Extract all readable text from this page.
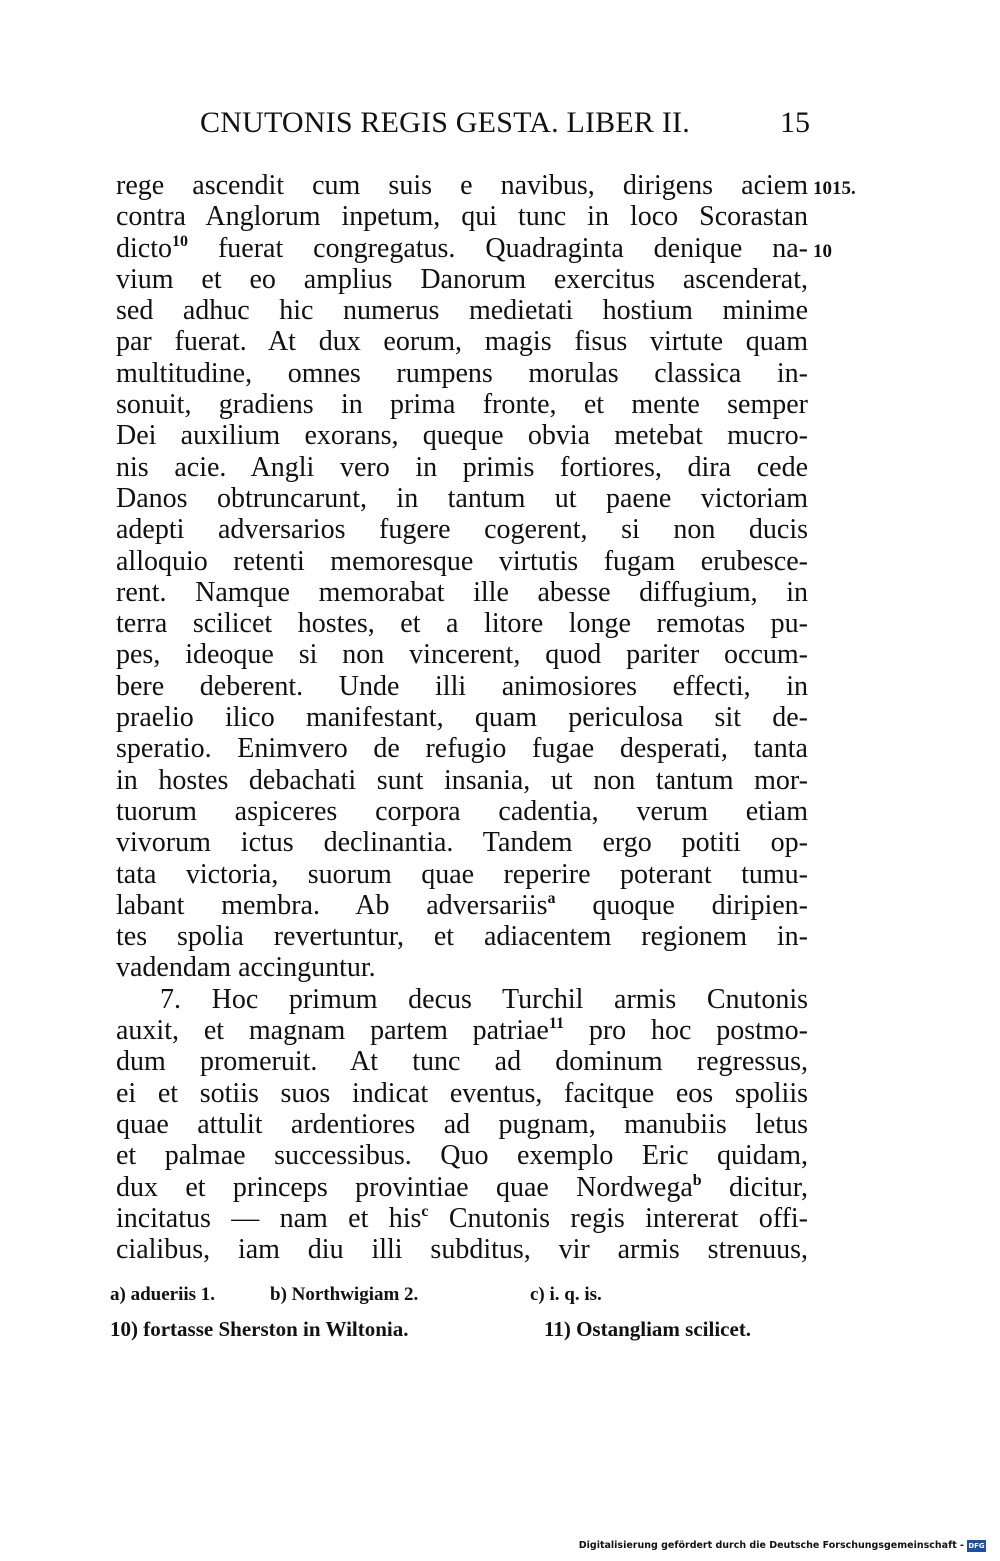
CNUTONIS REGIS GESTA. LIBER II.	15
1015.
10
rege ascendit cum suis e navibus, dirigens aciem
contra Anglorum inpetum, qui tunc in loco Scorastan
dicto$^{10}$ fuerat congregatus. Quadraginta denique na-
vium et eo amplius Danorum exercitus ascenderat,
sed adhuc hic numerus medietati hostium minime
par fuerat. At dux eorum, magis fisus virtute quam
multitudine, omnes rumpens morulas classica in-
sonuit, gradiens in prima fronte, et mente semper
Dei auxilium exorans, queque obvia metebat mucro-
nis acie. Angli vero in primis fortiores, dira cede
Danos obtruncarunt, in tantum ut paene victoriam
adepti adversarios fugere cogerent, si non ducis
alloquio retenti memoresque virtutis fugam erubesce-
rent. Namque memorabat ille abesse diffugium, in
terra scilicet hostes, et a litore longe remotas pu-
pes, ideoque si non vincerent, quod pariter occum-
bere deberent. Unde illi animosiores effecti, in
praelio ilico manifestant, quam periculosa sit de-
speratio. Enimvero de refugio fugae desperati, tanta
in hostes debachati sunt insania, ut non tantum mor-
tuorum aspiceres corpora cadentia, verum etiam
vivorum ictus declinantia. Tandem ergo potiti op-
tata victoria, suorum quae reperire poterant tumu-
labant membra. Ab adversariis$^a$ quoque diripien-
tes spolia revertuntur, et adiacentem regionem in-
vadendam accinguntur.
7. Hoc primum decus Turchil armis Cnutonis
auxit, et magnam partem patriae$^{11}$ pro hoc postmo-
dum promeruit. At tunc ad dominum regressus,
ei et sotiis suos indicat eventus, facitque eos spoliis
quae attulit ardentiores ad pugnam, manubiis letus
et palmae successibus. Quo exemplo Eric quidam,
dux et princeps provintiae quae Nordwega$^b$ dicitur,
incitatus — nam et his$^c$ Cnutonis regis intererat offi-
cialibus, iam diu illi subditus, vir armis strenuus,
a) adueriis 1.	b) Northwigiam 2.	c) i. q. is.
10) fortasse Sherston in Wiltonia.	11) Ostangliam scilicet.
Digitalisierung gefördert durch die Deutsche Forschungsgemeinschaft - DFG
